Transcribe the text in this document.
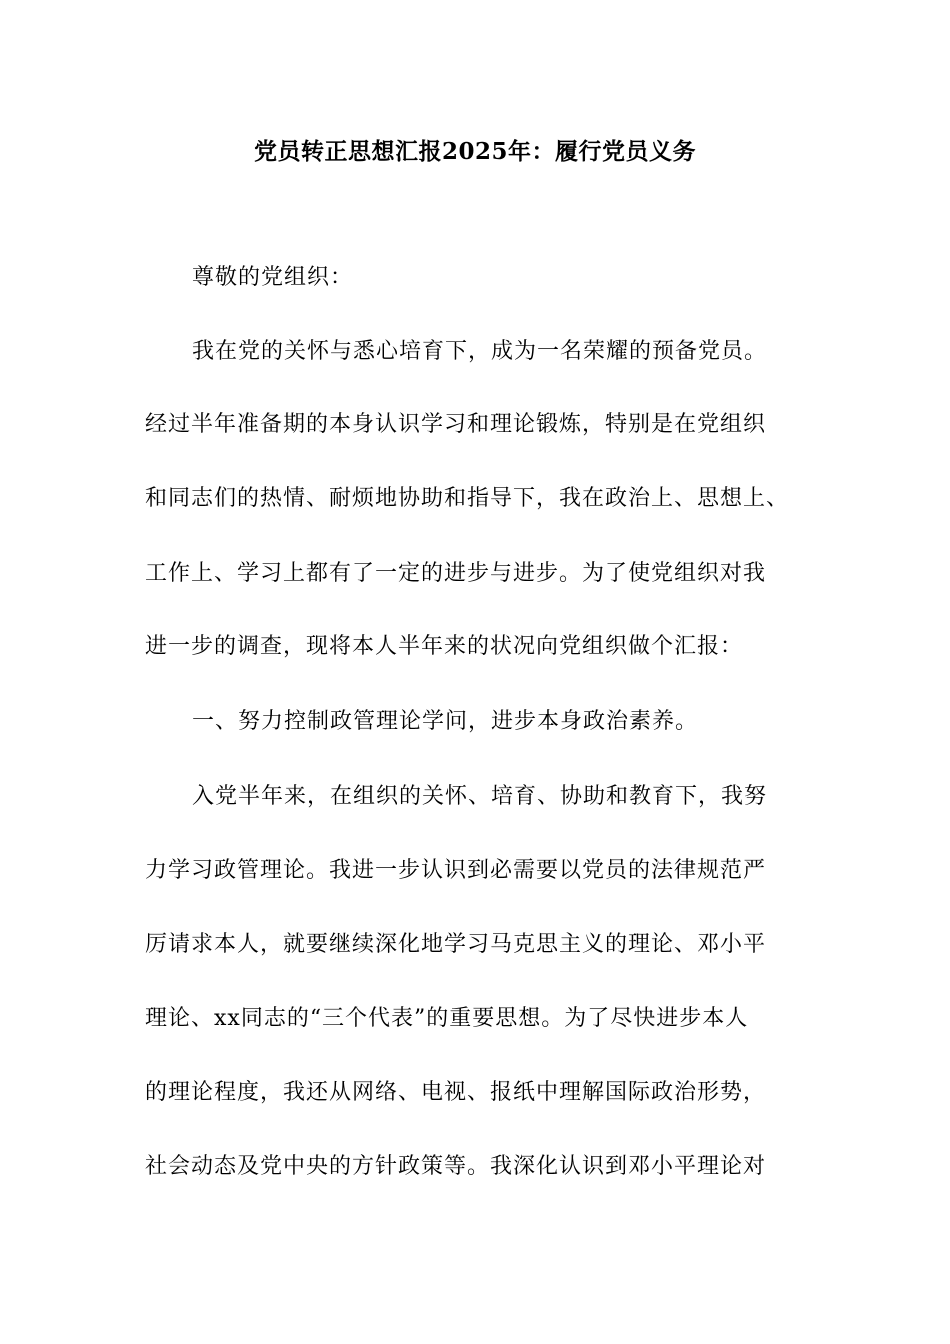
党员转正思想汇报2025年：履行党员义务
尊敬的党组织：
我在党的关怀与悉心培育下，成为一名荣耀的预备党员。
经过半年准备期的本身认识学习和理论锻炼，特别是在党组织
和同志们的热情、耐烦地协助和指导下，我在政治上、思想上、
工作上、学习上都有了一定的进步与进步。为了使党组织对我
进一步的调查，现将本人半年来的状况向党组织做个汇报：
一、努力控制政管理论学问，进步本身政治素养。
入党半年来，在组织的关怀、培育、协助和教育下，我努
力学习政管理论。我进一步认识到必需要以党员的法律规范严
厉请求本人，就要继续深化地学习马克思主义的理论、邓小平
理论、xx同志的“三个代表”的重要思想。为了尽快进步本人
的理论程度，我还从网络、电视、报纸中理解国际政治形势，
社会动态及党中央的方针政策等。我深化认识到邓小平理论对
